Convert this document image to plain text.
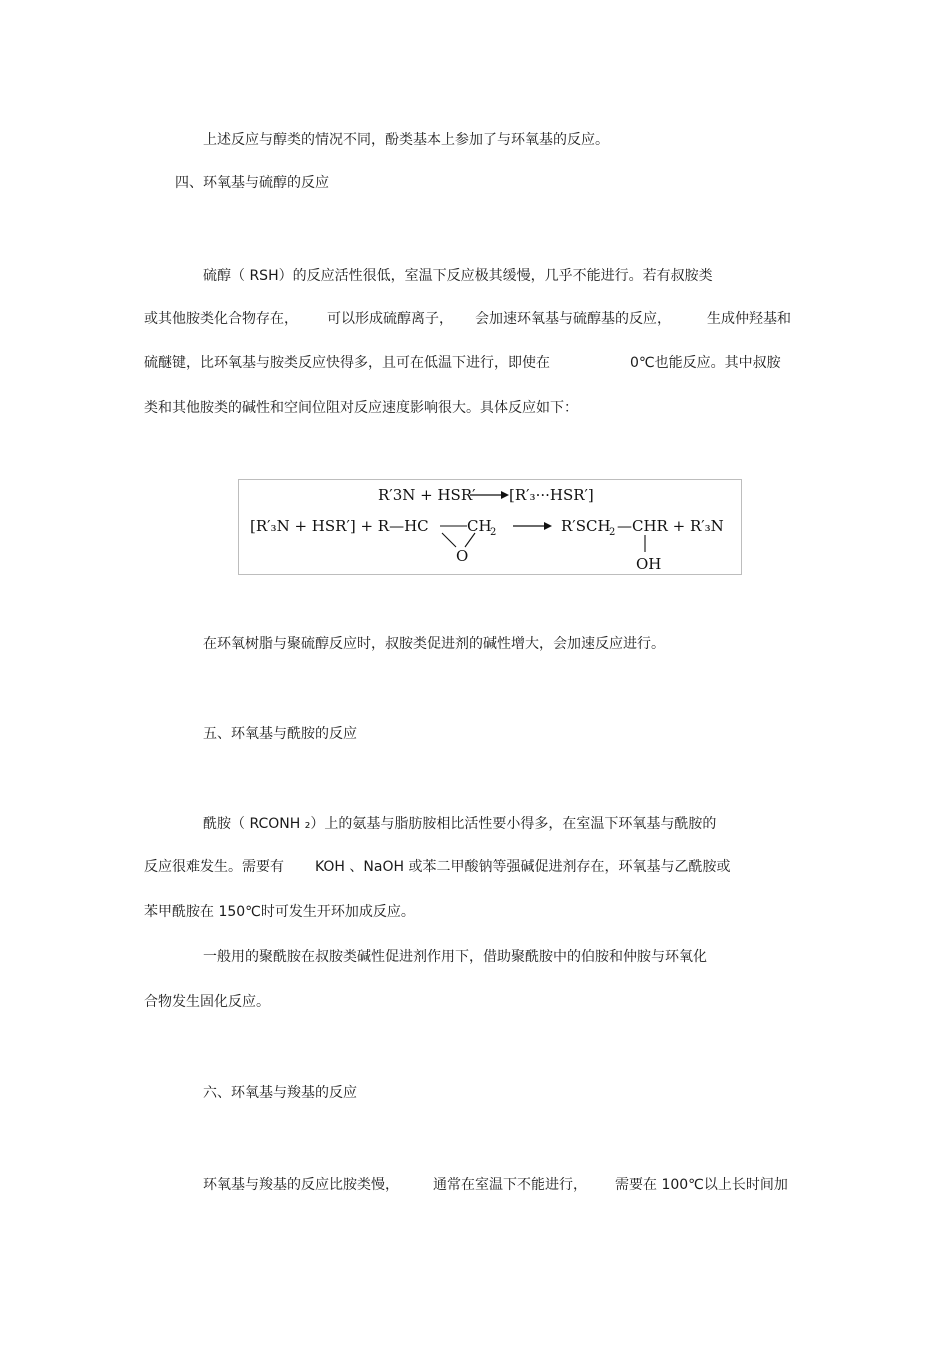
上述反应与醇类的情况不同，酚类基本上参加了与环氧基的反应。
四、环氧基与硫醇的反应
硫醇（ RSH）的反应活性很低，室温下反应极其缓慢，几乎不能进行。若有叔胺类
或其他胺类化合物存在， 可以形成硫醇离子， 会加速环氧基与硫醇基的反应，	生成仲羟基和
硫醚键，比环氧基与胺类反应快得多，且可在低温下进行，即使在	0℃也能反应。其中叔胺
类和其他胺类的碱性和空间位阻对反应速度影响很大。具体反应如下：
R′3N + HSR′ [R′₃···HSR′]
[R′₃N + HSR′] + R—HC	CH
2
O
R′SCH
2 —CHR + R′₃N
OH
在环氧树脂与聚硫醇反应时，叔胺类促进剂的碱性增大，会加速反应进行。
五、环氧基与酰胺的反应
酰胺（ RCONH ₂）上的氨基与脂肪胺相比活性要小得多，在室温下环氧基与酰胺的
反应很难发生。需要有 KOH 、NaOH 或苯二甲酸钠等强碱促进剂存在，环氧基与乙酰胺或
苯甲酰胺在 150℃时可发生开环加成反应。
一般用的聚酰胺在叔胺类碱性促进剂作用下，借助聚酰胺中的伯胺和仲胺与环氧化
合物发生固化反应。
六、环氧基与羧基的反应
环氧基与羧基的反应比胺类慢， 通常在室温下不能进行， 需要在 100℃以上长时间加
